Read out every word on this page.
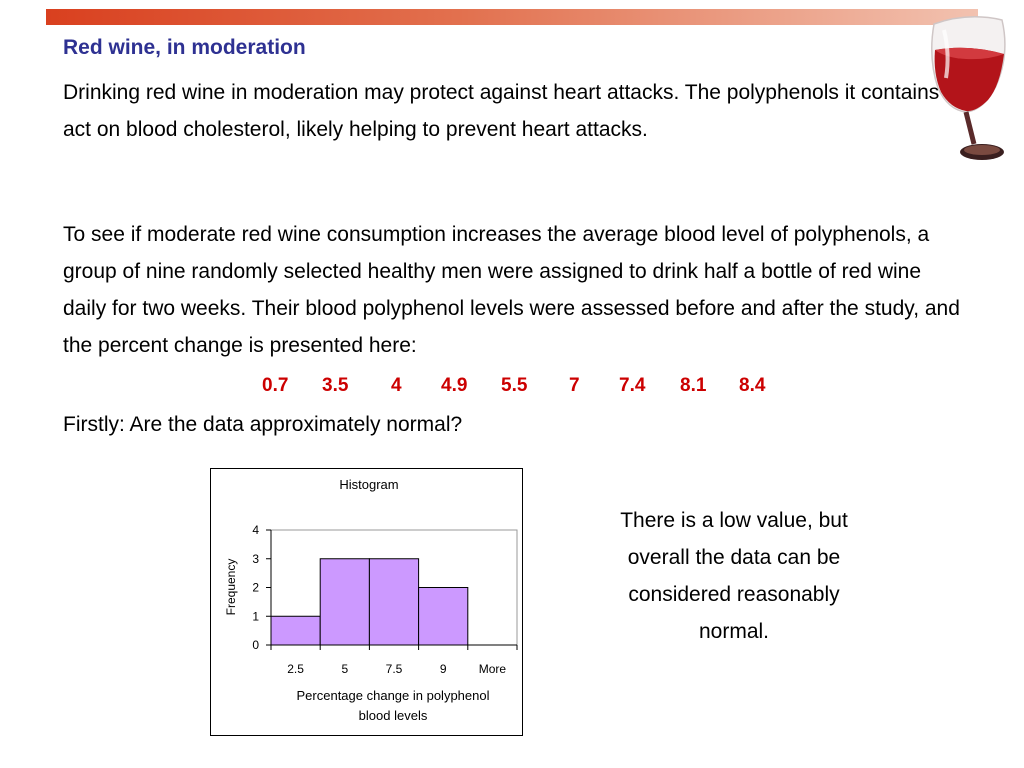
Red wine, in moderation

Drinking red wine in moderation may protect against heart attacks. The polyphenols it contains act on blood cholesterol, likely helping to prevent heart attacks.

To see if moderate red wine consumption increases the average blood level of polyphenols, a group of nine randomly selected healthy men were assigned to drink half a bottle of red wine daily for two weeks. Their blood polyphenol levels were assessed before and after the study, and the percent change is presented here:

0.7 3.5 4 4.9 5.5 7 7.4 8.1 8.4
Firstly: Are the data approximately normal?
Histogram
0
1
2
3
4
2.5	5	7.5	9	More
Frequency
Percentage change in polyphenol
blood levels
There is a low value, but overall the data can be considered reasonably normal.
